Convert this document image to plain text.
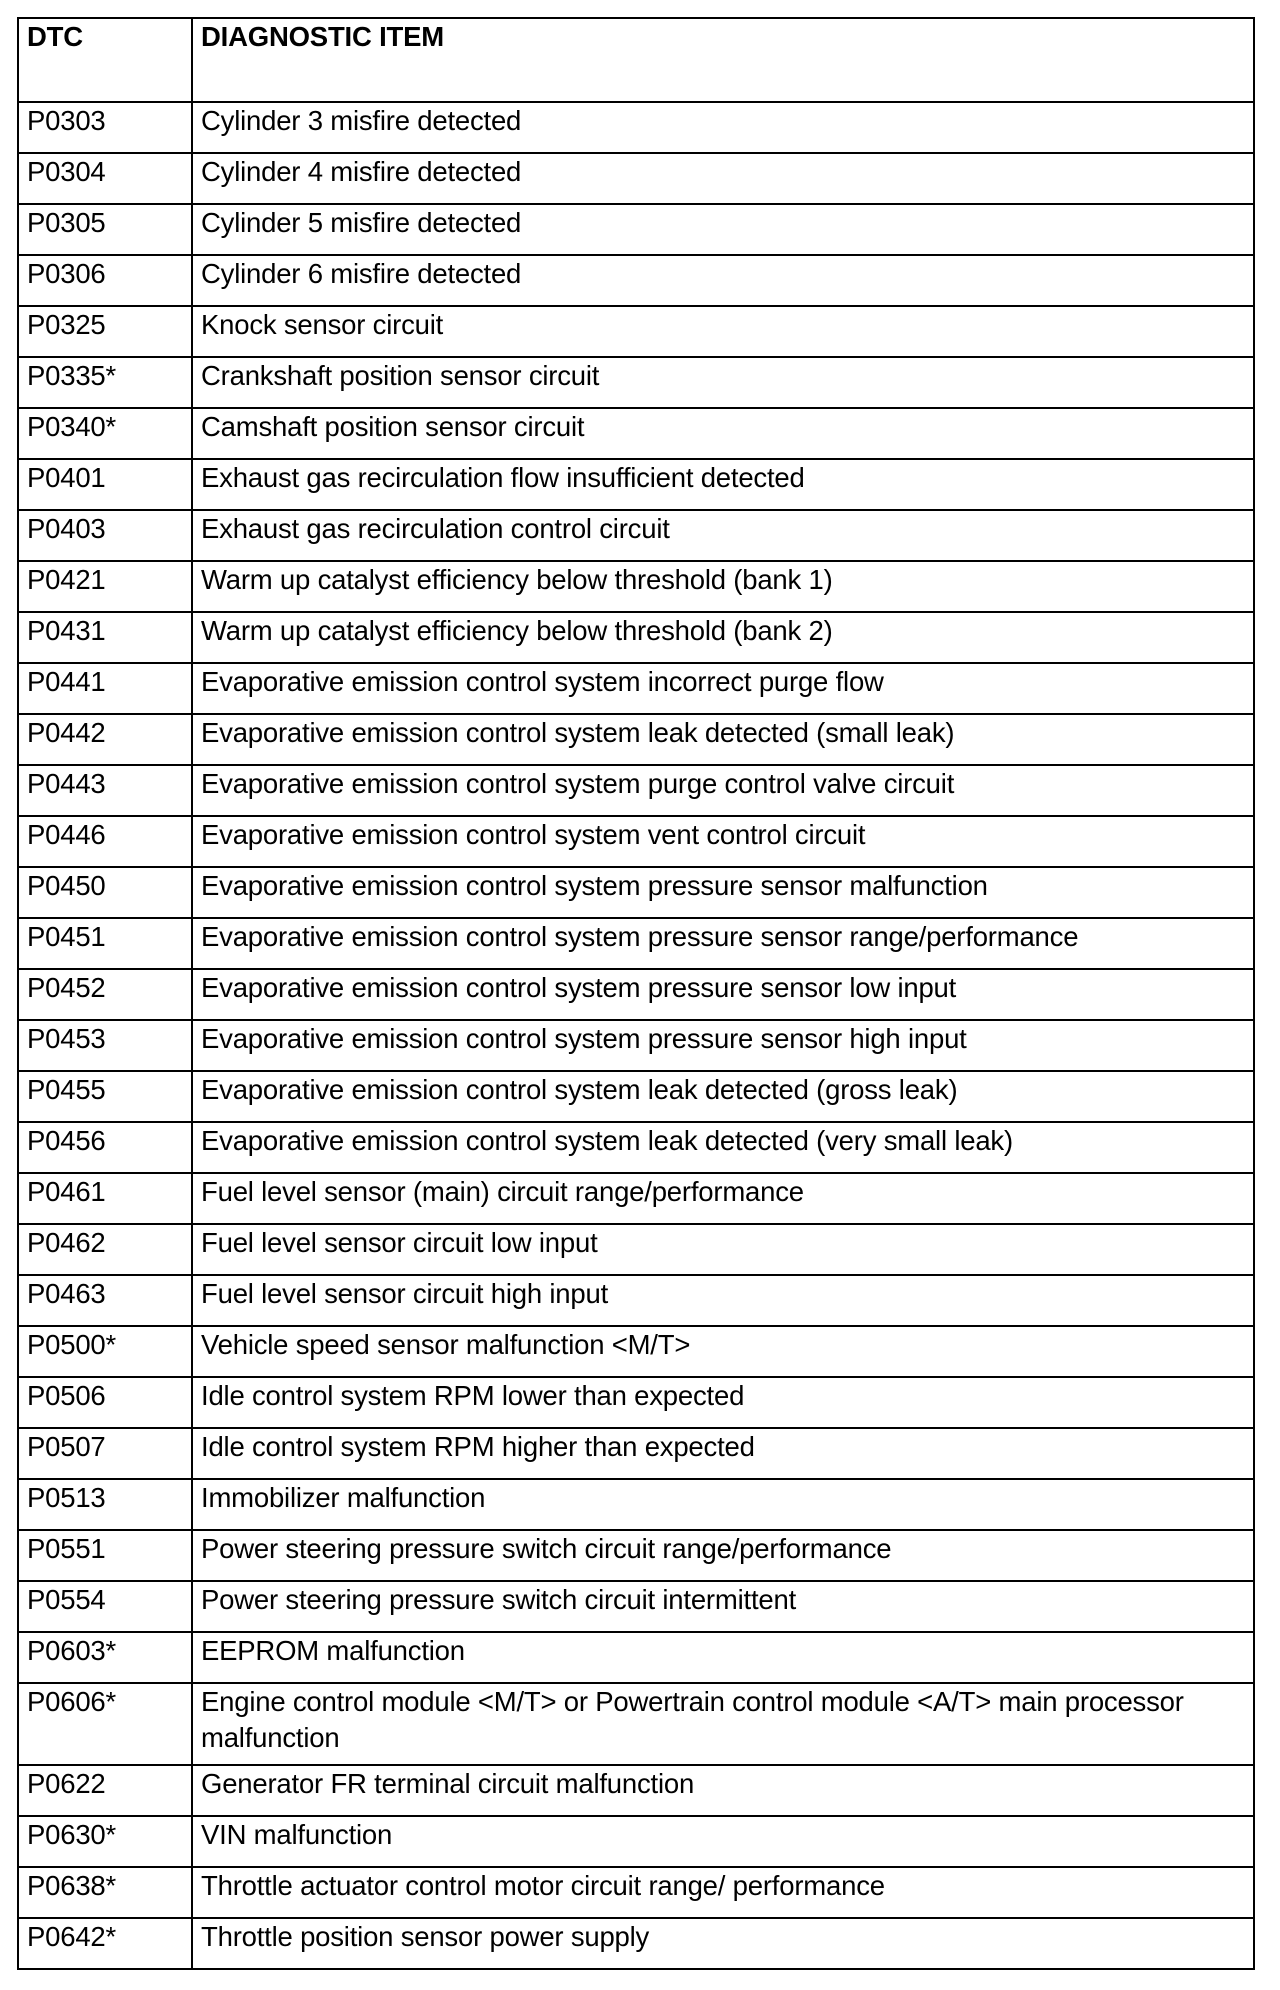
DTC	DIAGNOSTIC ITEM
P0303	Cylinder 3 misfire detected
P0304	Cylinder 4 misfire detected
P0305	Cylinder 5 misfire detected
P0306	Cylinder 6 misfire detected
P0325	Knock sensor circuit
P0335*	Crankshaft position sensor circuit
P0340*	Camshaft position sensor circuit
P0401	Exhaust gas recirculation flow insufficient detected
P0403	Exhaust gas recirculation control circuit
P0421	Warm up catalyst efficiency below threshold (bank 1)
P0431	Warm up catalyst efficiency below threshold (bank 2)
P0441	Evaporative emission control system incorrect purge flow
P0442	Evaporative emission control system leak detected (small leak)
P0443	Evaporative emission control system purge control valve circuit
P0446	Evaporative emission control system vent control circuit
P0450	Evaporative emission control system pressure sensor malfunction
P0451	Evaporative emission control system pressure sensor range/performance
P0452	Evaporative emission control system pressure sensor low input
P0453	Evaporative emission control system pressure sensor high input
P0455	Evaporative emission control system leak detected (gross leak)
P0456	Evaporative emission control system leak detected (very small leak)
P0461	Fuel level sensor (main) circuit range/performance
P0462	Fuel level sensor circuit low input
P0463	Fuel level sensor circuit high input
P0500*	Vehicle speed sensor malfunction <M/T>
P0506	Idle control system RPM lower than expected
P0507	Idle control system RPM higher than expected
P0513	Immobilizer malfunction
P0551	Power steering pressure switch circuit range/performance
P0554	Power steering pressure switch circuit intermittent
P0603*	EEPROM malfunction
P0606*	Engine control module <M/T> or Powertrain control module <A/T> main processor malfunction
P0622	Generator FR terminal circuit malfunction
P0630*	VIN malfunction
P0638*	Throttle actuator control motor circuit range/ performance
P0642*	Throttle position sensor power supply
